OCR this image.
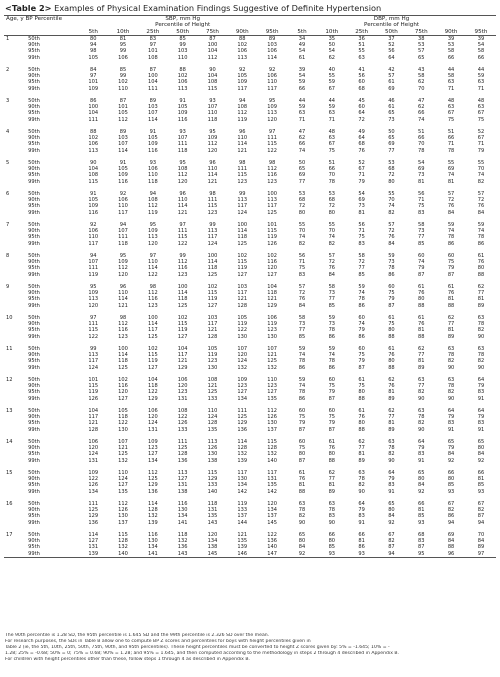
<Table 2> Examples of Physical Examination Findings Suggestive of Definite Hypertension
Age, y BP Percentile		SBP, mm Hg							DBP, mm Hg						
		Percentile of Height							Percentile of Height						
		5th	10th	25th	50th	75th	90th	95th	5th	10th	25th	50th	75th	90th	95th
1	50th	80	81	83	85	87	88	89	34	35	36	37	38	39	39
	90th	94	95	97	99	100	102	103	49	50	51	52	53	53	54
	95th	98	99	101	103	104	106	106	54	54	55	56	57	58	58
	99th	105	106	108	110	112	113	114	61	62	63	64	65	66	66

2	50th	84	85	87	88	90	92	92	39	40	41	42	43	44	44
	90th	97	99	100	102	104	105	106	54	55	56	57	58	58	59
	95th	101	102	104	106	108	109	110	59	59	60	61	62	63	63
	99th	109	110	111	113	115	117	117	66	67	68	69	70	71	71

3	50th	86	87	89	91	93	94	95	44	44	45	46	47	48	48
	90th	100	101	103	105	107	108	109	59	59	60	61	62	63	63
	95th	104	105	107	109	110	112	113	63	63	64	65	66	67	67
	99th	111	112	114	116	118	119	120	71	71	72	73	74	75	75

4	50th	88	89	91	93	95	96	97	47	48	49	50	51	51	52
	90th	102	103	105	107	109	110	111	62	63	64	65	66	66	67
	95th	106	107	109	111	112	114	115	66	67	68	69	70	71	71
	99th	113	114	116	118	120	121	122	74	75	76	77	78	78	79

5	50th	90	91	93	95	96	98	98	50	51	52	53	54	55	55
	90th	104	105	106	108	110	111	112	65	66	67	68	69	69	70
	95th	108	109	110	112	114	115	116	69	70	71	72	73	74	74
	99th	115	116	118	120	121	123	123	77	78	79	80	81	81	82

6	50th	91	92	94	96	98	99	100	53	53	54	55	56	57	57
	90th	105	106	108	110	111	113	113	68	68	69	70	71	72	72
	95th	109	110	112	114	115	117	117	72	72	73	74	75	76	76
	99th	116	117	119	121	123	124	125	80	80	81	82	83	84	84

7	50th	92	94	95	97	99	100	101	55	55	56	57	58	59	59
	90th	106	107	109	111	113	114	115	70	70	71	72	73	74	74
	95th	110	111	113	115	117	118	119	74	74	75	76	77	78	78
	99th	117	118	120	122	124	125	126	82	82	83	84	85	86	86

8	50th	94	95	97	99	100	102	102	56	57	58	59	60	60	61
	90th	107	109	110	112	114	115	116	71	72	72	73	74	75	76
	95th	111	112	114	116	118	119	120	75	76	77	78	79	79	80
	99th	119	120	122	123	125	127	127	83	84	85	86	87	87	88

9	50th	95	96	98	100	102	103	104	57	58	59	60	61	61	62
	90th	109	110	112	114	115	117	118	72	73	74	75	76	76	77
	95th	113	114	116	118	119	121	121	76	77	78	79	80	81	81
	99th	120	121	123	125	127	128	129	84	85	86	87	88	88	89

10	50th	97	98	100	102	103	105	106	58	59	60	61	61	62	63
	90th	111	112	114	115	117	119	119	73	73	74	75	76	77	78
	95th	115	116	117	119	121	122	123	77	78	79	80	81	81	82
	99th	122	123	125	127	128	130	130	85	86	86	88	88	89	90

11	50th	99	100	102	104	105	107	107	59	59	60	61	62	63	63
	90th	113	114	115	117	119	120	121	74	74	75	76	77	78	78
	95th	117	118	119	121	123	124	125	78	78	79	80	81	82	82
	99th	124	125	127	129	130	132	132	86	86	87	88	89	90	90

12	50th	101	102	104	106	108	109	110	59	60	61	62	63	63	64
	90th	115	116	118	120	121	123	123	74	75	75	76	77	78	79
	95th	119	120	122	123	125	127	127	78	79	80	81	82	82	83
	99th	126	127	129	131	133	134	135	86	87	88	89	90	90	91

13	50th	104	105	106	108	110	111	112	60	60	61	62	63	64	64
	90th	117	118	120	122	124	125	126	75	75	76	77	78	79	79
	95th	121	122	124	126	128	129	130	79	79	80	81	82	83	83
	99th	128	130	131	133	135	136	137	87	87	88	89	90	91	91

14	50th	106	107	109	111	113	114	115	60	61	62	63	64	65	65
	90th	120	121	123	125	126	128	128	75	76	77	78	79	79	80
	95th	124	125	127	128	130	132	132	80	80	81	82	83	84	84
	99th	131	132	134	136	138	139	140	87	88	89	90	91	92	92

15	50th	109	110	112	113	115	117	117	61	62	63	64	65	66	66
	90th	122	124	125	127	129	130	131	76	77	78	79	80	80	81
	95th	126	127	129	131	133	134	135	81	81	82	83	84	85	85
	99th	134	135	136	138	140	142	142	88	89	90	91	92	93	93

16	50th	111	112	114	116	118	119	120	63	63	64	65	66	67	67
	90th	125	126	128	130	131	133	134	78	78	79	80	81	82	82
	95th	129	130	132	134	135	137	137	82	83	83	84	85	86	87
	99th	136	137	139	141	143	144	145	90	90	91	92	93	94	94

17	50th	114	115	116	118	120	121	122	65	66	66	67	68	69	70
	90th	127	128	130	132	134	135	136	80	80	81	82	83	84	84
	95th	131	132	134	136	138	139	140	84	85	86	87	87	88	89
	99th	139	140	141	143	145	146	147	92	93	93	94	95	96	97
The 90th percentile is 1.28 SD, the 95th percentile is 1.645 SD and the 99th percentile is 2.326 SD over the mean.
For research purposes, the SDs in Table B allow one to compute BP Z scores and percentiles for boys with height percentiles given in
Table 2 (ie, the 5th, 10th, 25th, 50th, 75th, 90th, and 95th percentiles). These height percentiles must be converted to height Z scores given by: 5% = -1.645; 10% = -
1.28; 25% = -0.68; 50% = 0; 75% = 0.68; 90% = 1.28; and 95% = 1.645, and then computed according to the methodology in steps 2 through 4 described in Appendix B.
For children with height percentiles other than these, follow steps 1 through 4 as described in Appendix B.
